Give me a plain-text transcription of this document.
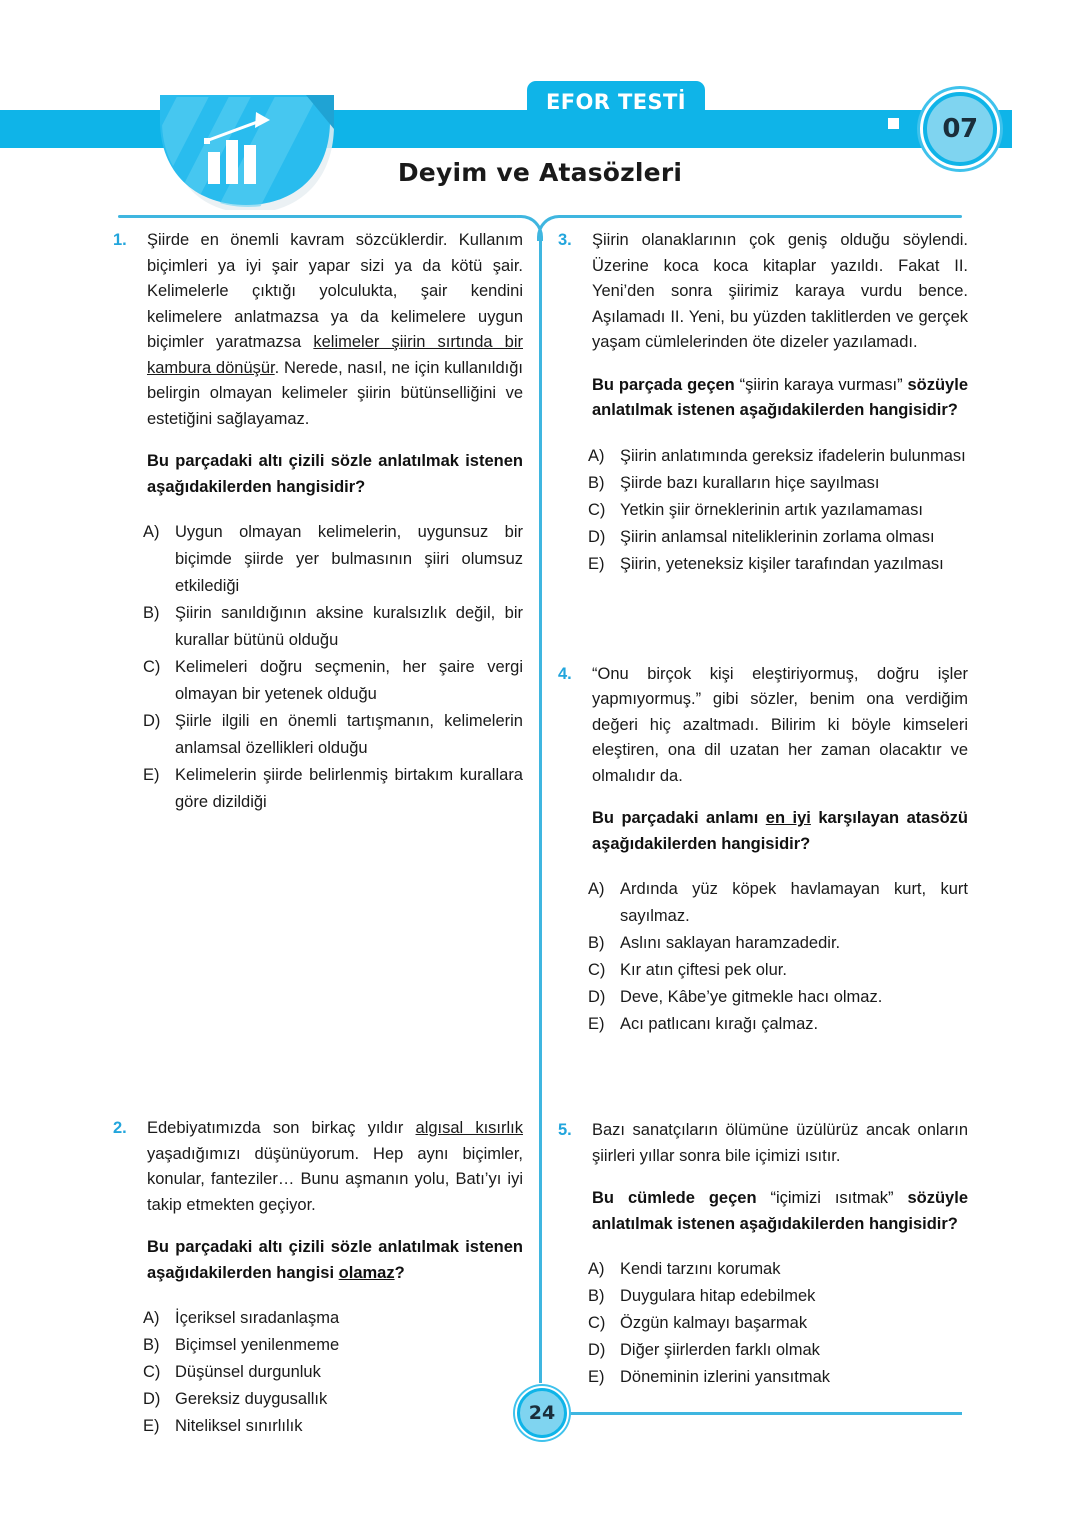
EFOR TESTİ
07
Deyim ve Atasözleri
24
1.	Şiirde en önemli kavram sözcüklerdir. Kullanım biçimleri ya iyi şair yapar sizi ya da kötü şair. Kelimelerle çıktığı yolculukta, şair kendini kelimelere anlatmazsa ya da kelimelere uygun biçimler yaratmazsa kelimeler şiirin sırtında bir kambura dönüşür. Nerede, nasıl, ne için kullanıldığı belirgin olmayan kelimeler şiirin bütünselliğini ve estetiğini sağlayamaz.
Bu parçadaki altı çizili sözle anlatılmak istenen aşağıdakilerden hangisidir?
A) Uygun olmayan kelimelerin, uygunsuz bir biçimde şiirde yer bulmasının şiiri olumsuz etkilediği
B) Şiirin sanıldığının aksine kuralsızlık değil, bir kurallar bütünü olduğu
C) Kelimeleri doğru seçmenin, her şaire vergi olmayan bir yetenek olduğu
D) Şiirle ilgili en önemli tartışmanın, kelimelerin anlamsal özellikleri olduğu
E) Kelimelerin şiirde belirlenmiş birtakım kurallara göre dizildiği
2.	Edebiyatımızda son birkaç yıldır algısal kısırlık yaşadığımızı düşünüyorum. Hep aynı biçimler, konular, fanteziler… Bunu aşmanın yolu, Batı’yı iyi takip etmekten geçiyor.
Bu parçadaki altı çizili sözle anlatılmak istenen aşağıdakilerden hangisi olamaz?
A) İçeriksel sıradanlaşma
B) Biçimsel yenilenmeme
C) Düşünsel durgunluk
D) Gereksiz duygusallık
E) Niteliksel sınırlılık
3.	Şiirin olanaklarının çok geniş olduğu söylendi. Üzerine koca koca kitaplar yazıldı. Fakat II. Yeni’den sonra şiirimiz karaya vurdu bence. Aşılamadı II. Yeni, bu yüzden taklitlerden ve gerçek yaşam cümlelerinden öte dizeler yazılamadı.
Bu parçada geçen “şiirin karaya vurması” sözüyle anlatılmak istenen aşağıdakilerden hangisidir?
A) Şiirin anlatımında gereksiz ifadelerin bulunması
B) Şiirde bazı kuralların hiçe sayılması
C) Yetkin şiir örneklerinin artık yazılamaması
D) Şiirin anlamsal niteliklerinin zorlama olması
E) Şiirin, yeteneksiz kişiler tarafından yazılması
4.	“Onu birçok kişi eleştiriyormuş, doğru işler yapmıyormuş.” gibi sözler, benim ona verdiğim değeri hiç azaltmadı. Bilirim ki böyle kimseleri eleştiren, ona dil uzatan her zaman olacaktır ve olmalıdır da.
Bu parçadaki anlamı en iyi karşılayan atasözü aşağıdakilerden hangisidir?
A) Ardında yüz köpek havlamayan kurt, kurt sayılmaz.
B) Aslını saklayan haramzadedir.
C) Kır atın çiftesi pek olur.
D) Deve, Kâbe’ye gitmekle hacı olmaz.
E) Acı patlıcanı kırağı çalmaz.
5.	Bazı sanatçıların ölümüne üzülürüz ancak onların şiirleri yıllar sonra bile içimizi ısıtır.
Bu cümlede geçen “içimizi ısıtmak” sözüyle anlatılmak istenen aşağıdakilerden hangisidir?
A) Kendi tarzını korumak
B) Duygulara hitap edebilmek
C) Özgün kalmayı başarmak
D) Diğer şiirlerden farklı olmak
E) Döneminin izlerini yansıtmak
